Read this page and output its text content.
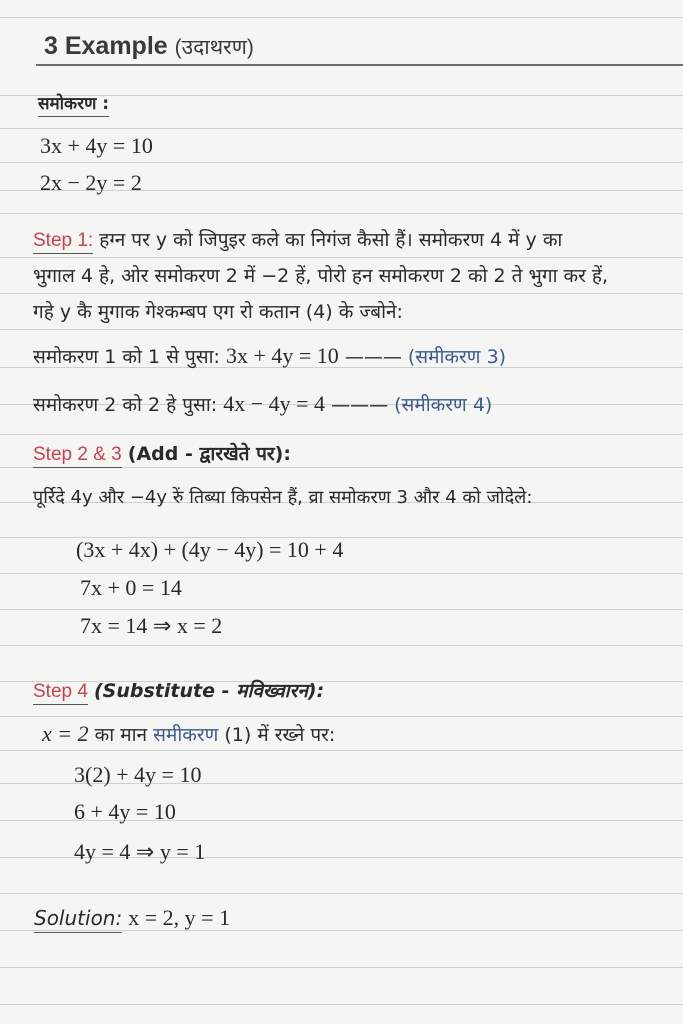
3 Example (उदाथरण)
समोकरण :
3x + 4y = 10
2x − 2y = 2
Step 1: हग्न पर y को जिपुइर कले का निगंज कैसो हैं। समोकरण 4 में y का
भुगाल 4 हे, ओर समोकरण 2 में −2 हें, पोरो हन समोकरण 2 को 2 ते भुगा कर हें,
गहे y कै मुगाक गेश्कम्बप एग रो कतान (4) के ज्बोने:
समोकरण 1 को 1 से पुसा: 3x + 4y = 10 ——— (समीकरण 3)
समोकरण 2 को 2 हे पुसा: 4x − 4y = 4 ——— (समीकरण 4)
Step 2 & 3 (Add - द्वारखेते पर):
पूर्रिदे 4y और −4y रुें तिब्या किपसेन हैं, व्रा समोकरण 3 और 4 को जोदेले:
(3x + 4x) + (4y − 4y) = 10 + 4
7x + 0 = 14
7x = 14 ⇒ x = 2
Step 4 (Substitute - मविख्वारन):
x = 2 का मान समीकरण (1) में रख्ने पर:
3(2) + 4y = 10
6 + 4y = 10
4y = 4 ⇒ y = 1
Solution: x = 2, y = 1
